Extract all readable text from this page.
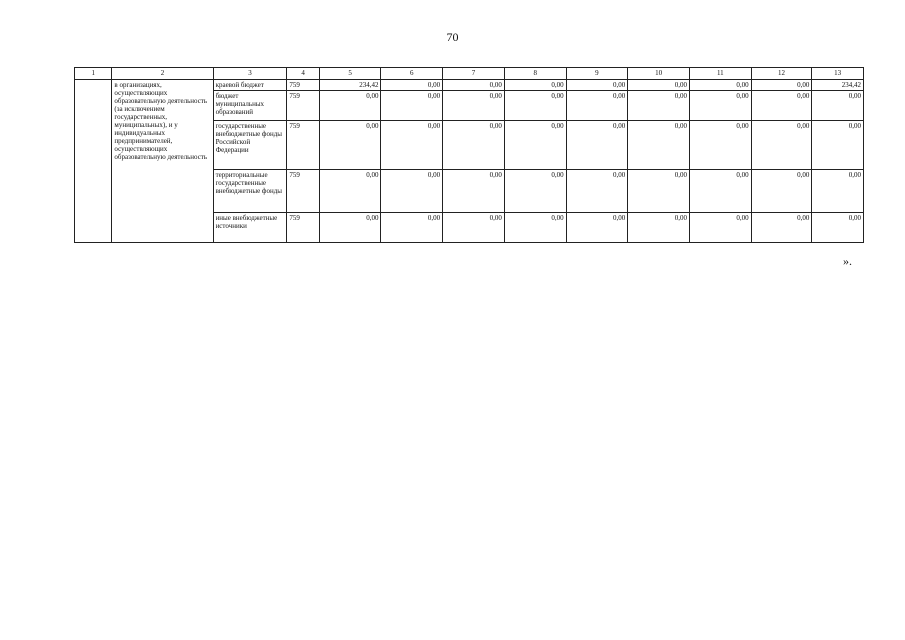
70
1	2	3	4	5	6	7	8	9	10	11	12	13
	в организациях, осуществляющих образовательную деятельность (за исключением государственных, муниципальных), и у индивидуальных предпринимателей, осуществляющих образовательную деятельность	краевой бюджет	759	234,42	0,00	0,00	0,00	0,00	0,00	0,00	0,00	234,42
		бюджет муниципальных образований	759	0,00	0,00	0,00	0,00	0,00	0,00	0,00	0,00	0,00
		государственные внебюджетные фонды Российской Федерации	759	0,00	0,00	0,00	0,00	0,00	0,00	0,00	0,00	0,00
		территориальные государственные внебюджетные фонды	759	0,00	0,00	0,00	0,00	0,00	0,00	0,00	0,00	0,00
		иные внебюджетные источники	759	0,00	0,00	0,00	0,00	0,00	0,00	0,00	0,00	0,00
».
